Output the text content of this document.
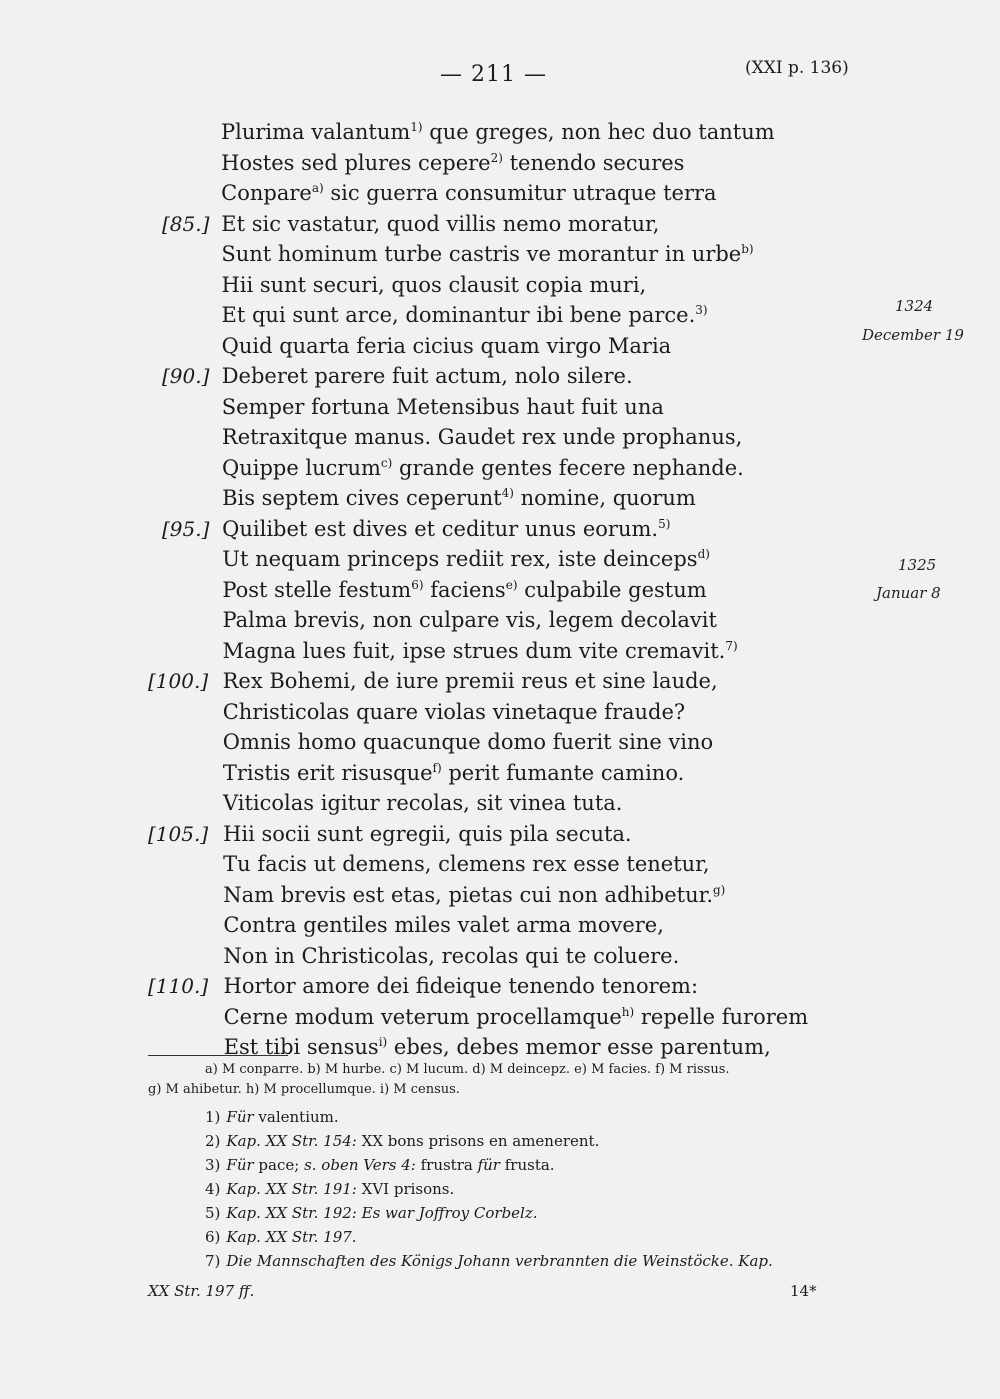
— 211 —	(XXI p. 136)
1324
December 19
1325
Januar 8
Plurima valantum$^{1)}$ que greges, non hec duo tantum
Hostes sed plures cepere$^{2)}$ tenendo secures
Conpare$^{a)}$ sic guerra consumitur utraque terra
[85.] Et sic vastatur, quod villis nemo moratur,
Sunt hominum turbe castris ve morantur in urbe$^{b)}$
Hii sunt securi, quos clausit copia muri,
Et qui sunt arce, dominantur ibi bene parce.$^{3)}$
Quid quarta feria cicius quam virgo Maria
[90.] Deberet parere fuit actum, nolo silere.
Semper fortuna Metensibus haut fuit una
Retraxitque manus. Gaudet rex unde prophanus,
Quippe lucrum$^{c)}$ grande gentes fecere nephande.
Bis septem cives ceperunt$^{4)}$ nomine, quorum
[95.] Quilibet est dives et ceditur unus eorum.$^{5)}$
Ut nequam princeps rediit rex, iste deinceps$^{d)}$
Post stelle festum$^{6)}$ faciens$^{e)}$ culpabile gestum
Palma brevis, non culpare vis, legem decolavit
Magna lues fuit, ipse strues dum vite cremavit.$^{7)}$
[100.] Rex Bohemi, de iure premii reus et sine laude,
Christicolas quare violas vinetaque fraude?
Omnis homo quacunque domo fuerit sine vino
Tristis erit risusque$^{f)}$ perit fumante camino.
Viticolas igitur recolas, sit vinea tuta.
[105.] Hii socii sunt egregii, quis pila secuta.
Tu facis ut demens, clemens rex esse tenetur,
Nam brevis est etas, pietas cui non adhibetur.$^{g)}$
Contra gentiles miles valet arma movere,
Non in Christicolas, recolas qui te coluere.
[110.] Hortor amore dei fideique tenendo tenorem:
Cerne modum veterum procellamque$^{h)}$ repelle furorem
Est tibi sensus$^{i)}$ ebes, debes memor esse parentum,
a) M conparre. b) M hurbe. c) M lucum. d) M deincepz. e) M facies. f) M rissus.
g) M ahibetur. h) M procellumque. i) M census.
1) Für valentium.
2) Kap. XX Str. 154: XX bons prisons en amenerent.
3) Für pace; s. oben Vers 4: frustra für frusta.
4) Kap. XX Str. 191: XVI prisons.
5) Kap. XX Str. 192: Es war Joffroy Corbelz.
6) Kap. XX Str. 197.
7) Die Mannschaften des Königs Johann verbrannten die Weinstöcke. Kap.
XX Str. 197 ff.	14*
